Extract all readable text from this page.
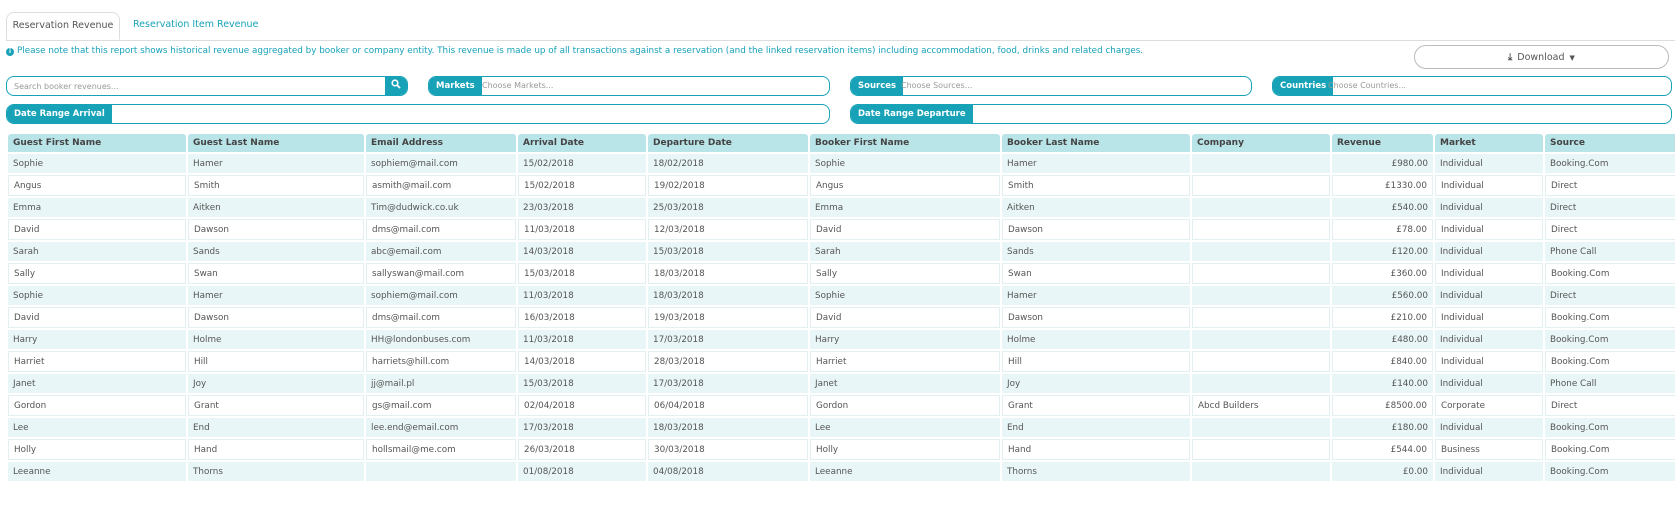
Reservation Revenue	Reservation Item Revenue
i Please note that this report shows historical revenue aggregated by booker or company entity. This revenue is made up of all transactions against a reservation (and the linked reservation items) including accommodation, food, drinks and related charges.
⤓ Download ▼
Search booker revenues...
Markets Choose Markets...	Sources Choose Sources...	Countries Choose Countries...
Date Range Arrival	Date Range Departure
Guest First Name	Guest Last Name	Email Address	Arrival Date	Departure Date	Booker First Name	Booker Last Name	Company	Revenue	Market	Source
Sophie	Hamer	sophiem@mail.com	15/02/2018	18/02/2018	Sophie	Hamer		£980.00	Individual	Booking.Com
Angus	Smith	asmith@mail.com	15/02/2018	19/02/2018	Angus	Smith		£1330.00	Individual	Direct
Emma	Aitken	Tim@dudwick.co.uk	23/03/2018	25/03/2018	Emma	Aitken		£540.00	Individual	Direct
David	Dawson	dms@mail.com	11/03/2018	12/03/2018	David	Dawson		£78.00	Individual	Direct
Sarah	Sands	abc@email.com	14/03/2018	15/03/2018	Sarah	Sands		£120.00	Individual	Phone Call
Sally	Swan	sallyswan@mail.com	15/03/2018	18/03/2018	Sally	Swan		£360.00	Individual	Booking.Com
Sophie	Hamer	sophiem@mail.com	11/03/2018	18/03/2018	Sophie	Hamer		£560.00	Individual	Direct
David	Dawson	dms@mail.com	16/03/2018	19/03/2018	David	Dawson		£210.00	Individual	Booking.Com
Harry	Holme	HH@londonbuses.com	11/03/2018	17/03/2018	Harry	Holme		£480.00	Individual	Booking.Com
Harriet	Hill	harriets@hill.com	14/03/2018	28/03/2018	Harriet	Hill		£840.00	Individual	Booking.Com
Janet	Joy	jj@mail.pl	15/03/2018	17/03/2018	Janet	Joy		£140.00	Individual	Phone Call
Gordon	Grant	gs@mail.com	02/04/2018	06/04/2018	Gordon	Grant	Abcd Builders	£8500.00	Corporate	Direct
Lee	End	lee.end@email.com	17/03/2018	18/03/2018	Lee	End		£180.00	Individual	Booking.Com
Holly	Hand	hollsmail@me.com	26/03/2018	30/03/2018	Holly	Hand		£544.00	Business	Booking.Com
Leeanne	Thorns		01/08/2018	04/08/2018	Leeanne	Thorns		£0.00	Individual	Booking.Com
